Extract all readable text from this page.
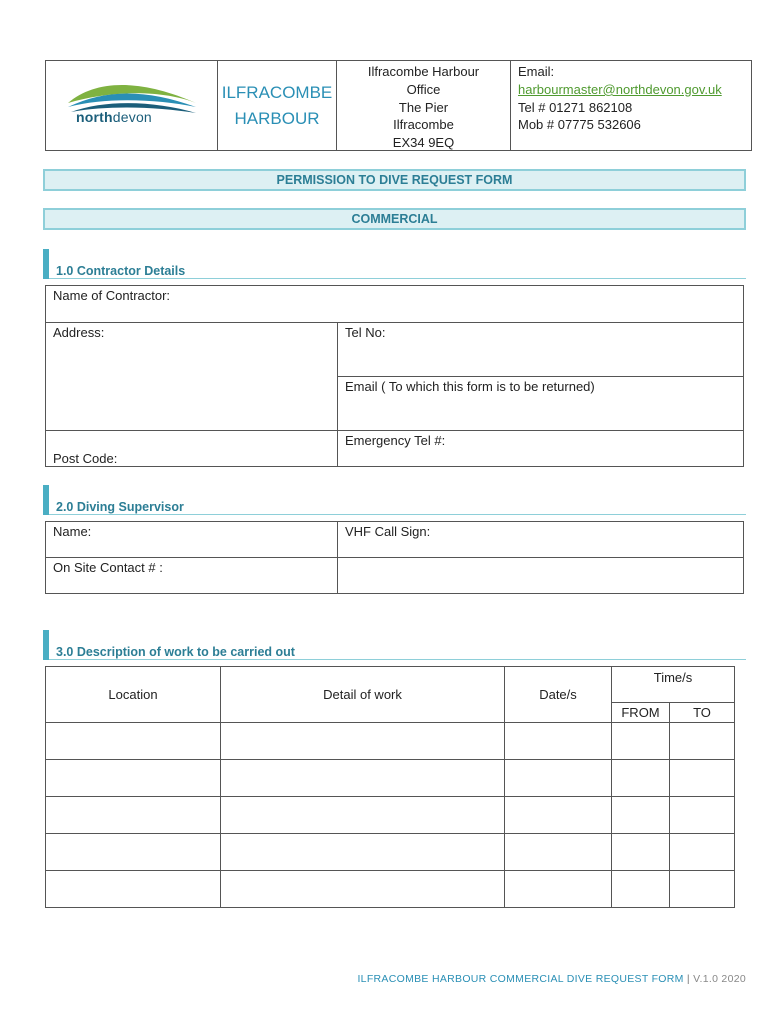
northdevon
ILFRACOMBE
HARBOUR
Ilfracombe Harbour
Office
The Pier
Ilfracombe
EX34 9EQ
Email:
harbourmaster@northdevon.gov.uk
Tel # 01271 862108
Mob # 07775 532606
PERMISSION TO DIVE REQUEST FORM
COMMERCIAL
1.0 Contractor Details
Name of Contractor:	
Address:	Tel No:
	Email ( To which this form is to be returned)
Post Code:	Emergency Tel #:
2.0 Diving Supervisor
Name:	VHF Call Sign:
On Site Contact # :	
3.0 Description of work to be carried out
Location	Detail of work	Date/s	Time/s	
			FROM	TO

ILFRACOMBE HARBOUR COMMERCIAL DIVE REQUEST FORM | V.1.0 2020
